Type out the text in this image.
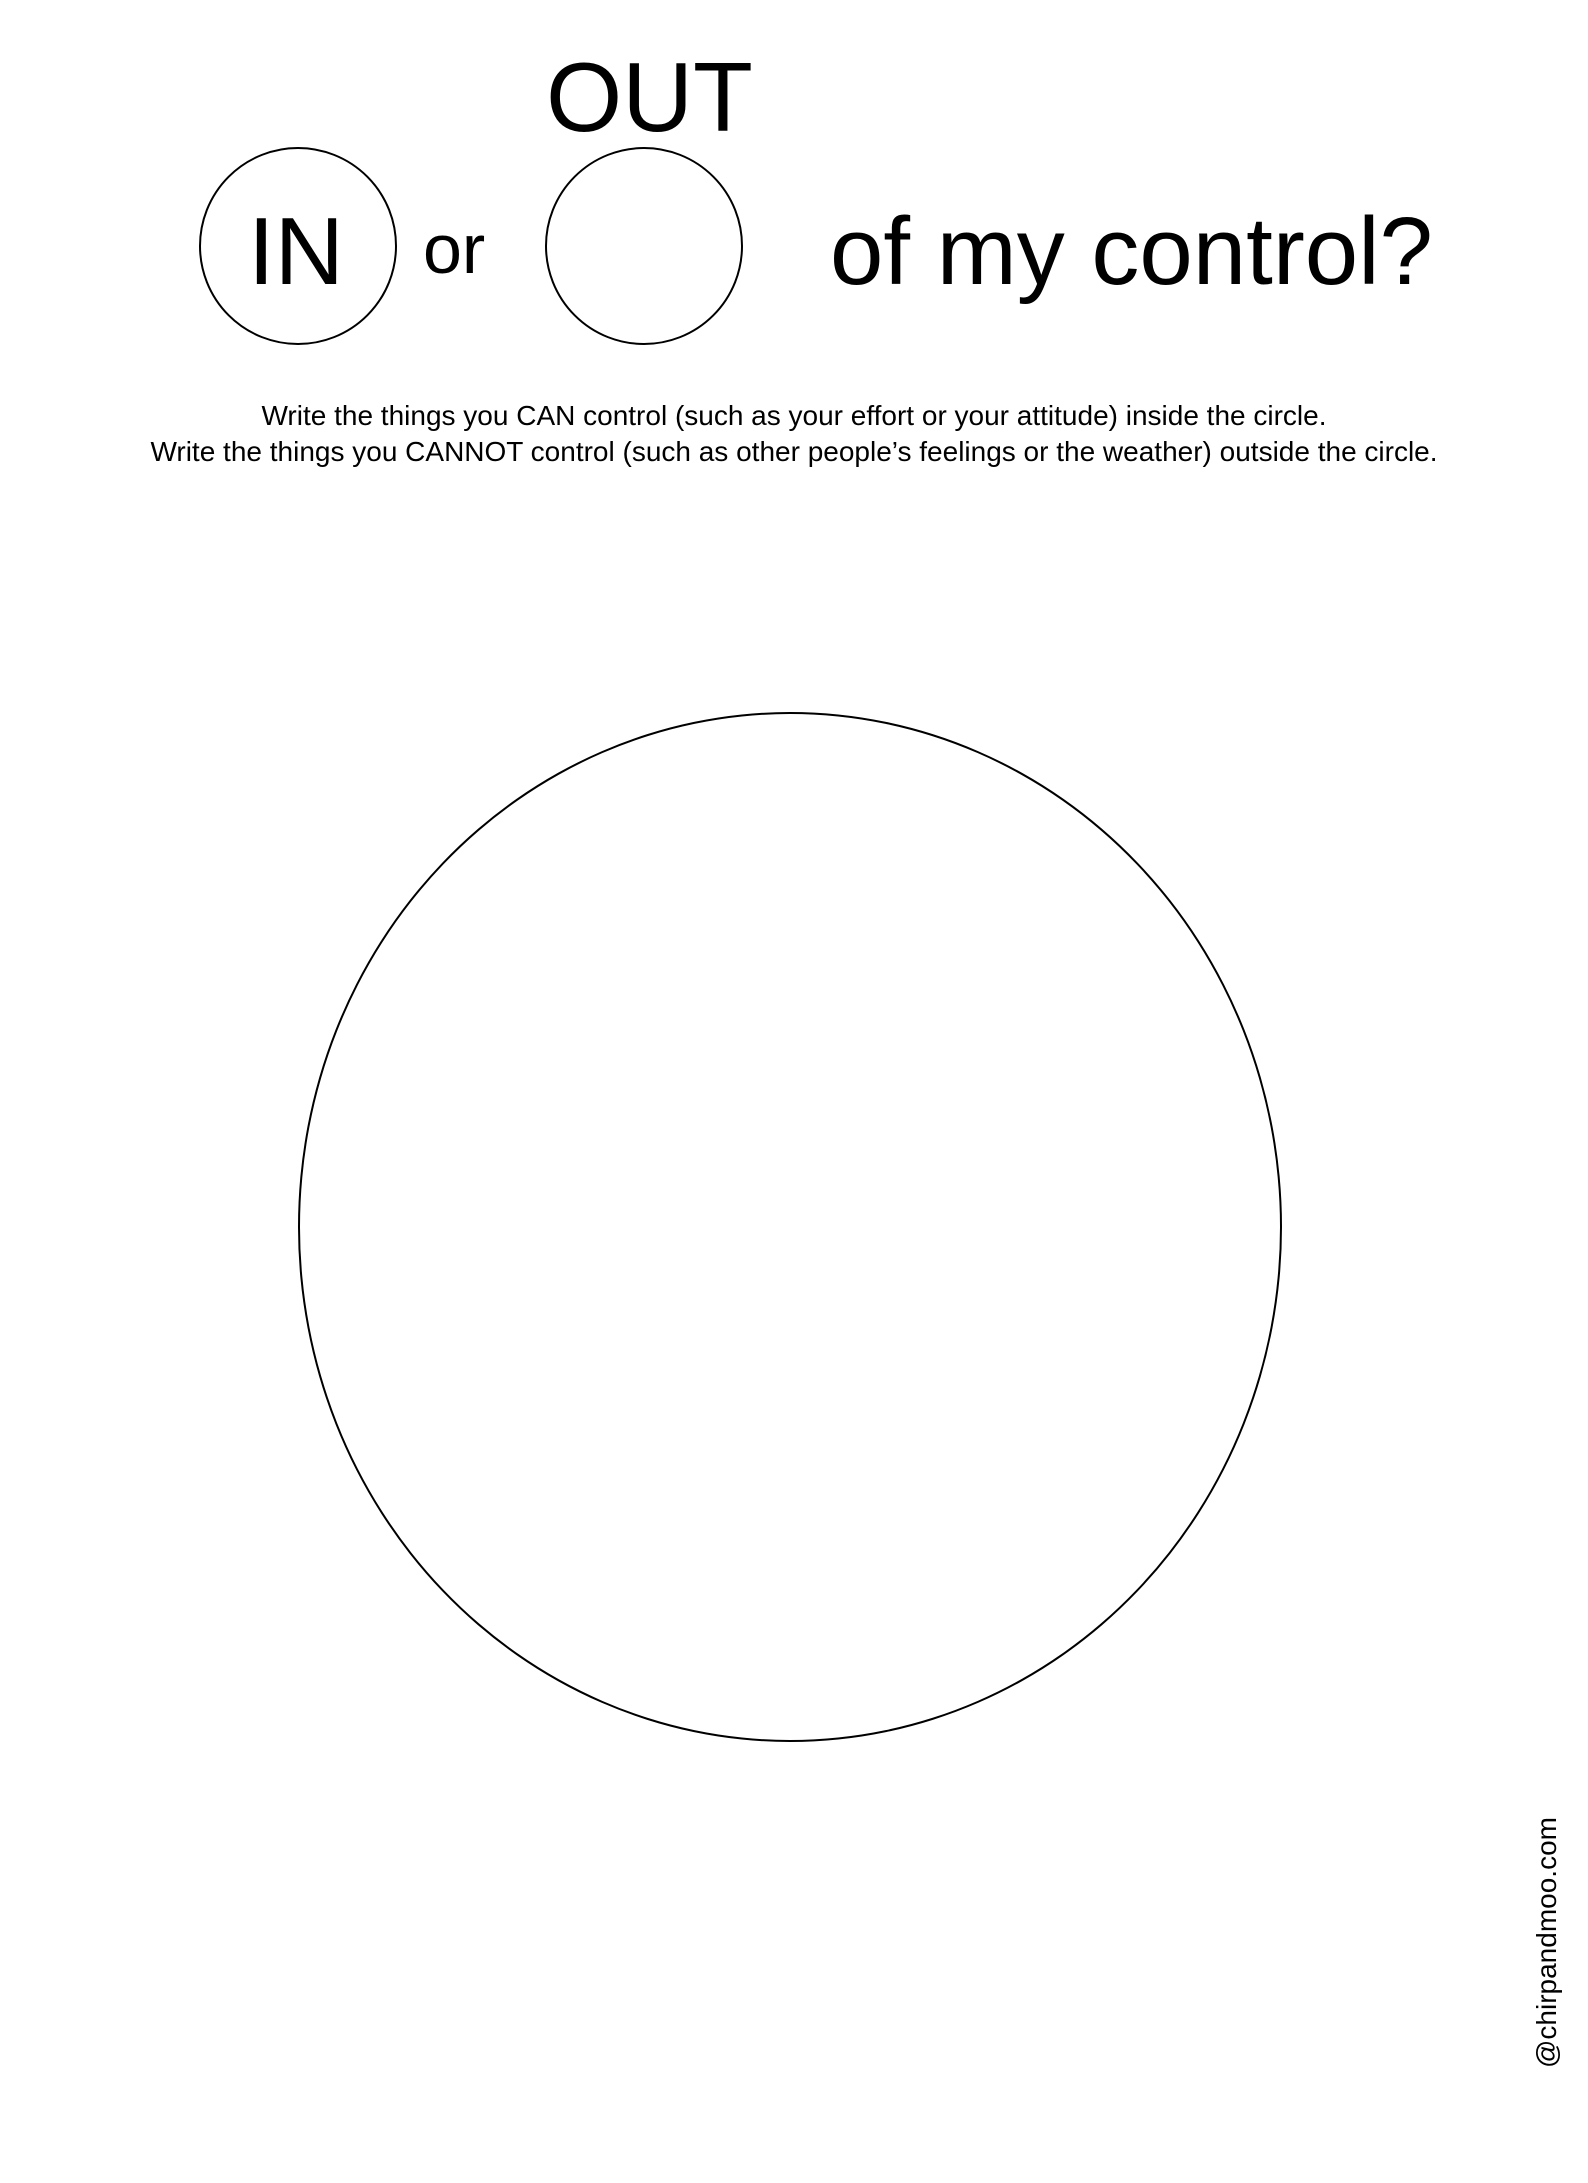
IN or
OUT
of my control?
Write the things you CAN control (such as your effort or your attitude) inside the circle.
Write the things you CANNOT control (such as other people’s feelings or the weather) outside the circle.
@chirpandmoo.com
